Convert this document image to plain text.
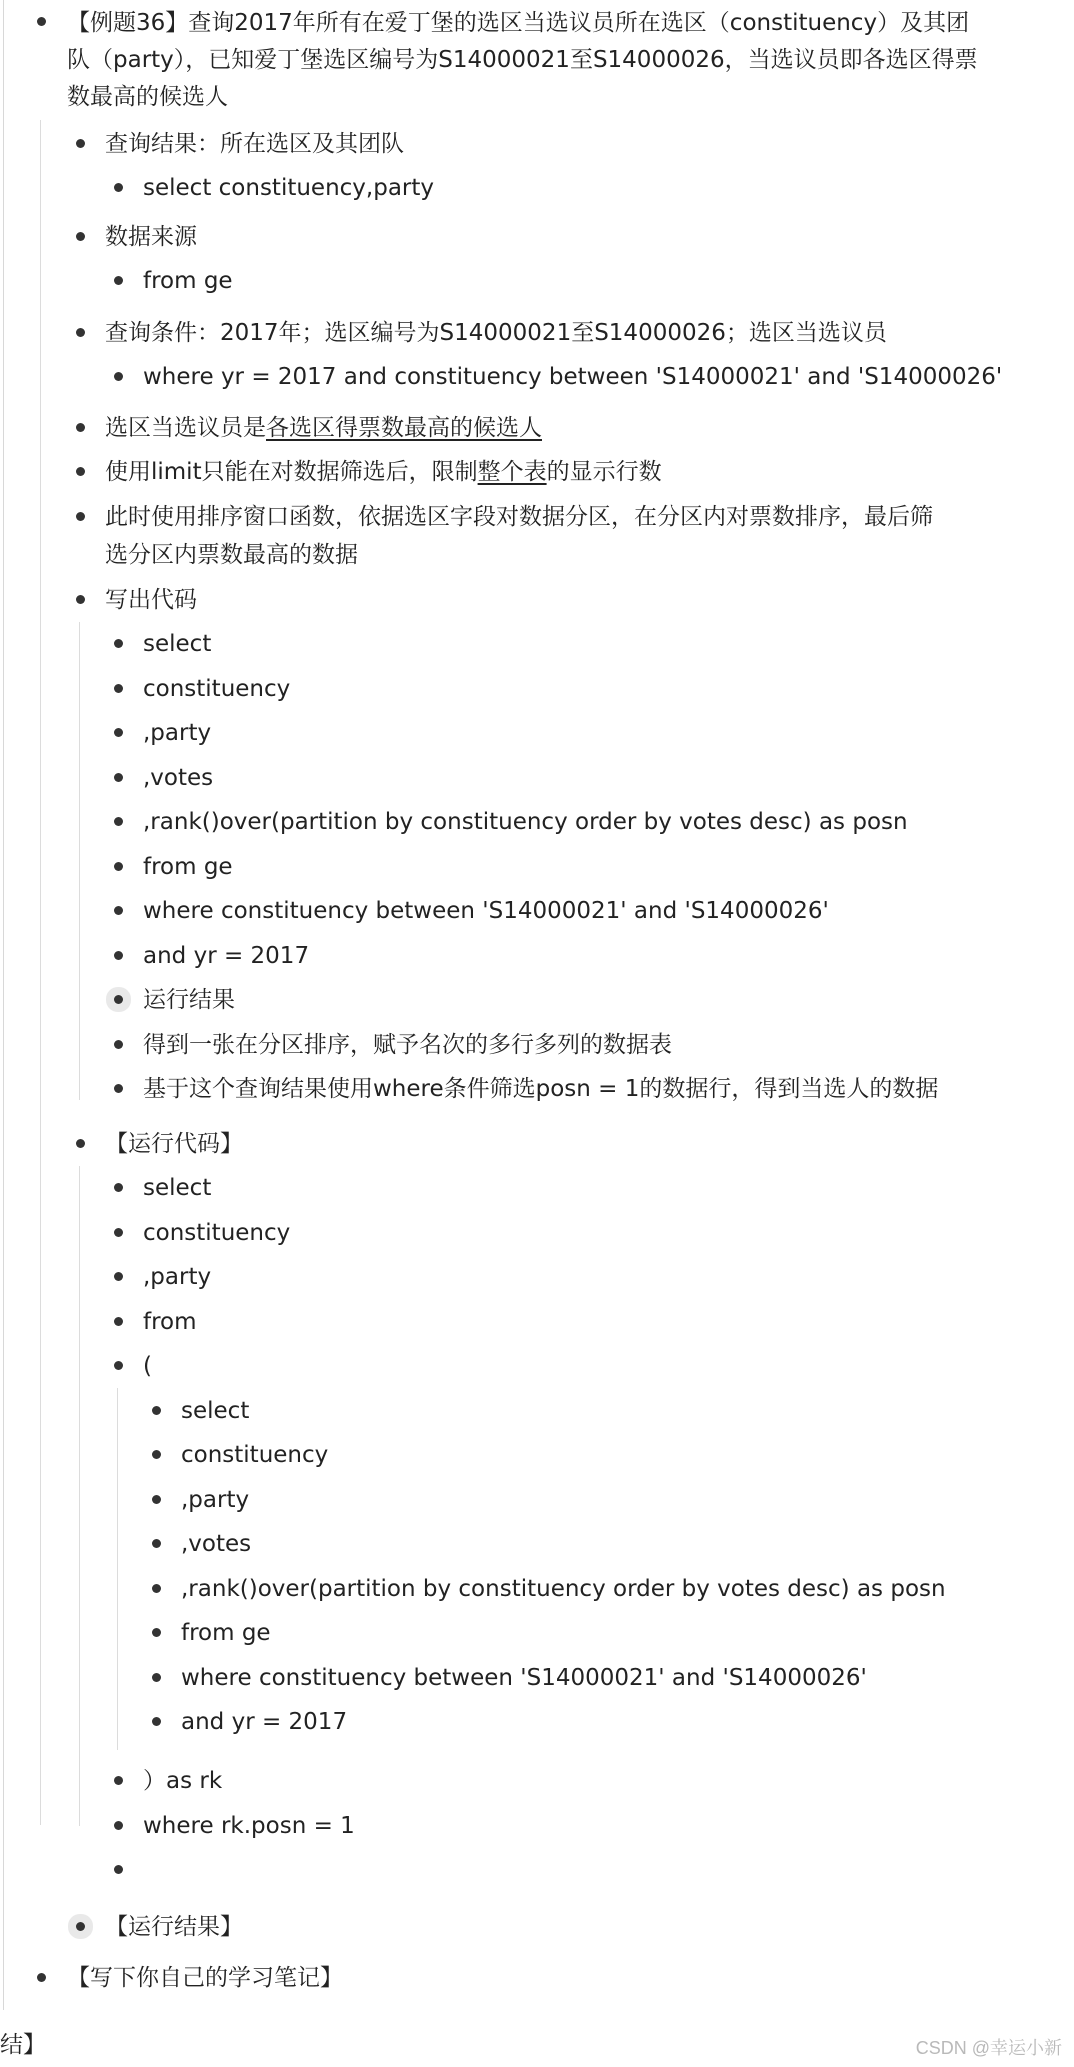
【例题36】查询2017年所有在爱丁堡的选区当选议员所在选区（constituency）及其团
队（party），已知爱丁堡选区编号为S14000021至S14000026，当选议员即各选区得票
数最高的候选人
查询结果：所在选区及其团队
select constituency,party
数据来源
from ge
查询条件：2017年；选区编号为S14000021至S14000026；选区当选议员
where yr = 2017 and constituency between 'S14000021' and 'S14000026'
选区当选议员是各选区得票数最高的候选人
使用limit只能在对数据筛选后，限制整个表的显示行数
此时使用排序窗口函数，依据选区字段对数据分区，在分区内对票数排序，最后筛
选分区内票数最高的数据
写出代码
select
constituency
,party
,votes
,rank()over(partition by constituency order by votes desc) as posn
from ge
where constituency between 'S14000021' and 'S14000026'
and yr = 2017
运行结果
得到一张在分区排序，赋予名次的多行多列的数据表
基于这个查询结果使用where条件筛选posn = 1的数据行，得到当选人的数据
【运行代码】
select
constituency
,party
from
(
select
constituency
,party
,votes
,rank()over(partition by constituency order by votes desc) as posn
from ge
where constituency between 'S14000021' and 'S14000026'
and yr = 2017
）as rk
where rk.posn = 1
【运行结果】
【写下你自己的学习笔记】
结】	CSDN @幸运小新
